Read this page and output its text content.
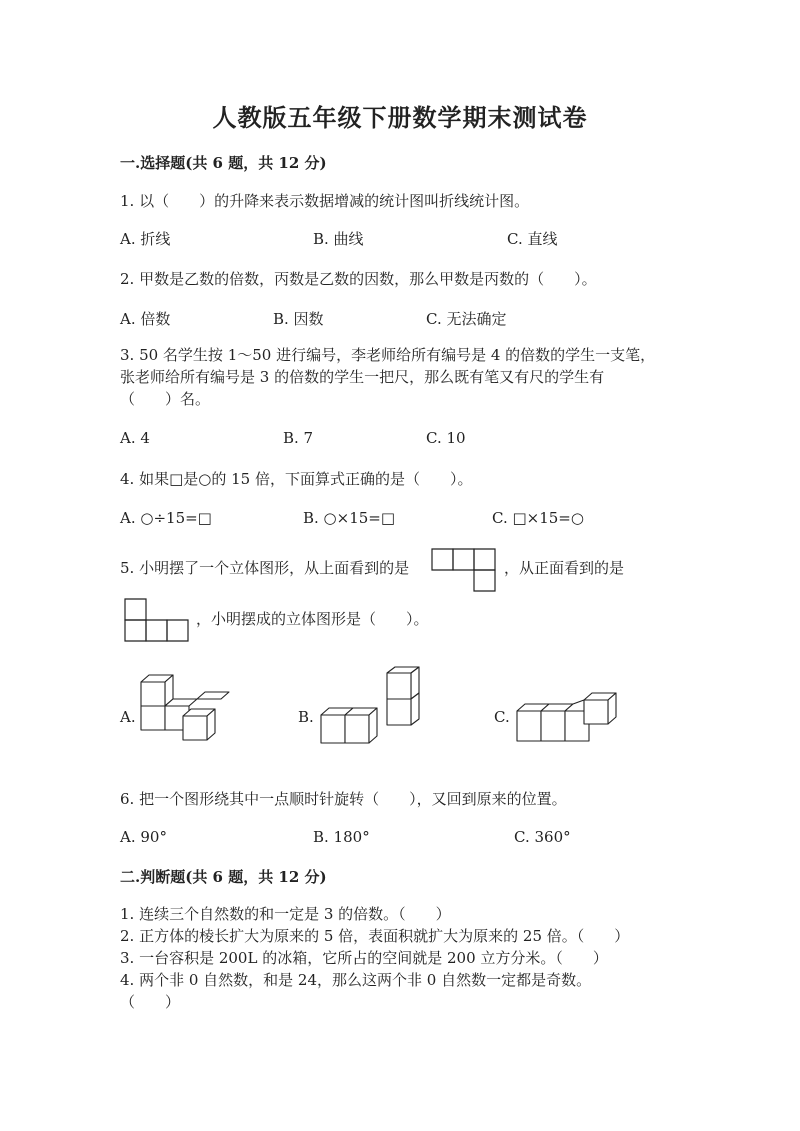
人教版五年级下册数学期末测试卷
一.选择题(共 6 题，共 12 分)
1. 以（　　）的升降来表示数据增减的统计图叫折线统计图。
A. 折线	B. 曲线	C. 直线
2. 甲数是乙数的倍数，丙数是乙数的因数，那么甲数是丙数的（　　）。
A. 倍数	B. 因数	C. 无法确定
3. 50 名学生按 1～50 进行编号，李老师给所有编号是 4 的倍数的学生一支笔，
张老师给所有编号是 3 的倍数的学生一把尺，那么既有笔又有尺的学生有
（　　）名。
A. 4	B. 7	C. 10
4. 如果□是○的 15 倍，下面算式正确的是（　　）。
A. ○÷15=□	B. ○×15=□	C. □×15=○
5. 小明摆了一个立体图形，从上面看到的是	，从正面看到的是
，小明摆成的立体图形是（　　）。
A.	B.	C.
6. 把一个图形绕其中一点顺时针旋转（　　），又回到原来的位置。
A. 90°	B. 180°	C. 360°
二.判断题(共 6 题，共 12 分)
1. 连续三个自然数的和一定是 3 的倍数。（　　）
2. 正方体的棱长扩大为原来的 5 倍，表面积就扩大为原来的 25 倍。（　　）
3. 一台容积是 200L 的冰箱，它所占的空间就是 200 立方分米。（　　）
4. 两个非 0 自然数，和是 24，那么这两个非 0 自然数一定都是奇数。
（　　）
